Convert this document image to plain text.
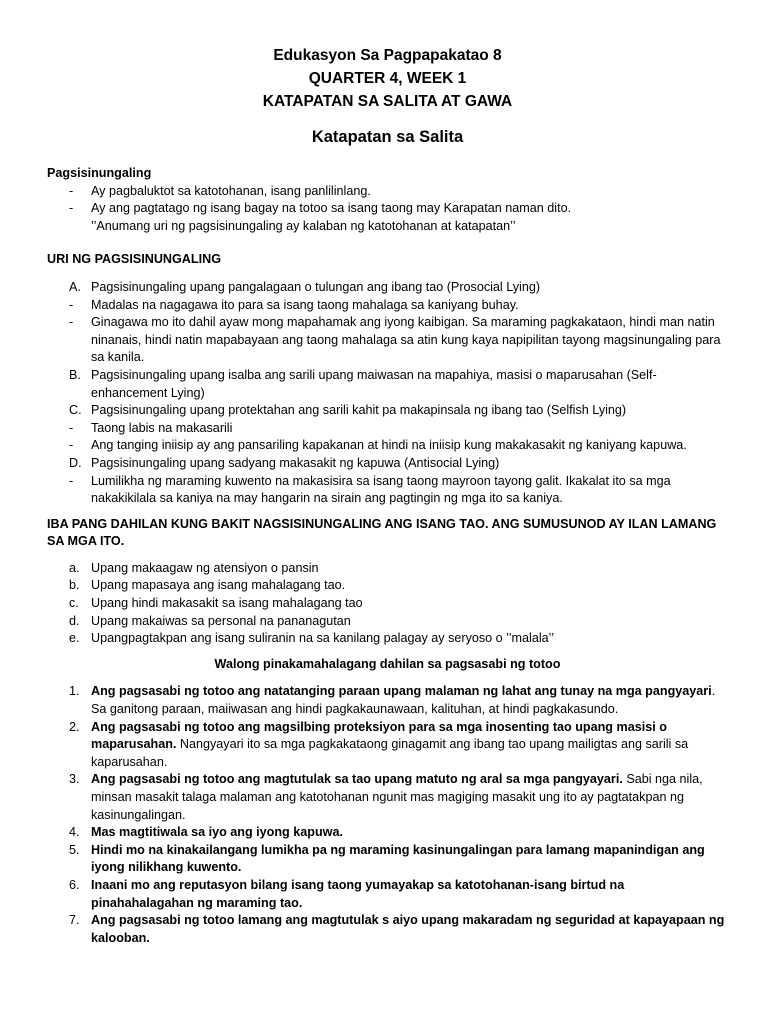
Edukasyon Sa Pagpapakatao 8
QUARTER 4, WEEK 1
KATAPATAN SA SALITA AT GAWA
Katapatan sa Salita
Pagsisinungaling
-	Ay pagbaluktot sa katotohanan, isang panlilinlang.
-	Ay ang pagtatago ng isang bagay na totoo sa isang taong may Karapatan naman dito.
’’Anumang uri ng pagsisinungaling ay kalaban ng katotohanan at katapatan’’
URI NG PAGSISINUNGALING
A. Pagsisinungaling upang pangalagaan o tulungan ang ibang tao (Prosocial Lying)
-	Madalas na nagagawa ito para sa isang taong mahalaga sa kaniyang buhay.
-	Ginagawa mo ito dahil ayaw mong mapahamak ang iyong kaibigan. Sa maraming pagkakataon, hindi man natin ninanais, hindi natin mapabayaan ang taong mahalaga sa atin kung kaya napipilitan tayong magsinungaling para sa kanila.
B. Pagsisinungaling upang isalba ang sarili upang maiwasan na mapahiya, masisi o maparusahan (Self-enhancement Lying)
C. Pagsisinungaling upang protektahan ang sarili kahit pa makapinsala ng ibang tao (Selfish Lying)
-	Taong labis na makasarili
-	Ang tanging iniisip ay ang pansariling kapakanan at hindi na iniisip kung makakasakit ng kaniyang kapuwa.
D. Pagsisinungaling upang sadyang makasakit ng kapuwa (Antisocial Lying)
-	Lumilikha ng maraming kuwento na makasisira sa isang taong mayroon tayong galit. Ikakalat ito sa mga nakakikilala sa kaniya na may hangarin na sirain ang pagtingin ng mga ito sa kaniya.
IBA PANG DAHILAN KUNG BAKIT NAGSISINUNGALING ANG ISANG TAO. ANG SUMUSUNOD AY ILAN LAMANG SA MGA ITO.
a. Upang makaagaw ng atensiyon o pansin
b. Upang mapasaya ang isang mahalagang tao.
c. Upang hindi makasakit sa isang mahalagang tao
d. Upang makaiwas sa personal na pananagutan
e. Upangpagtakpan ang isang suliranin na sa kanilang palagay ay seryoso o ’’malala’’
Walong pinakamahalagang dahilan sa pagsasabi ng totoo
1. Ang pagsasabi ng totoo ang natatanging paraan upang malaman ng lahat ang tunay na mga pangyayari. Sa ganitong paraan, maiiwasan ang hindi pagkakaunawaan, kalituhan, at hindi pagkakasundo.
2. Ang pagsasabi ng totoo ang magsilbing proteksiyon para sa mga inosenting tao upang masisi o maparusahan. Nangyayari ito sa mga pagkakataong ginagamit ang ibang tao upang mailigtas ang sarili sa kaparusahan.
3. Ang pagsasabi ng totoo ang magtutulak sa tao upang matuto ng aral sa mga pangyayari. Sabi nga nila, minsan masakit talaga malaman ang katotohanan ngunit mas magiging masakit ung ito ay pagtatakpan ng kasinungalingan.
4. Mas magtitiwala sa iyo ang iyong kapuwa.
5. Hindi mo na kinakailangang lumikha pa ng maraming kasinungalingan para lamang mapanindigan ang iyong nilikhang kuwento.
6. Inaani mo ang reputasyon bilang isang taong yumayakap sa katotohanan-isang birtud na pinahahalagahan ng maraming tao.
7. Ang pagsasabi ng totoo lamang ang magtutulak s aiyo upang makaradam ng seguridad at kapayapaan ng kalooban.
